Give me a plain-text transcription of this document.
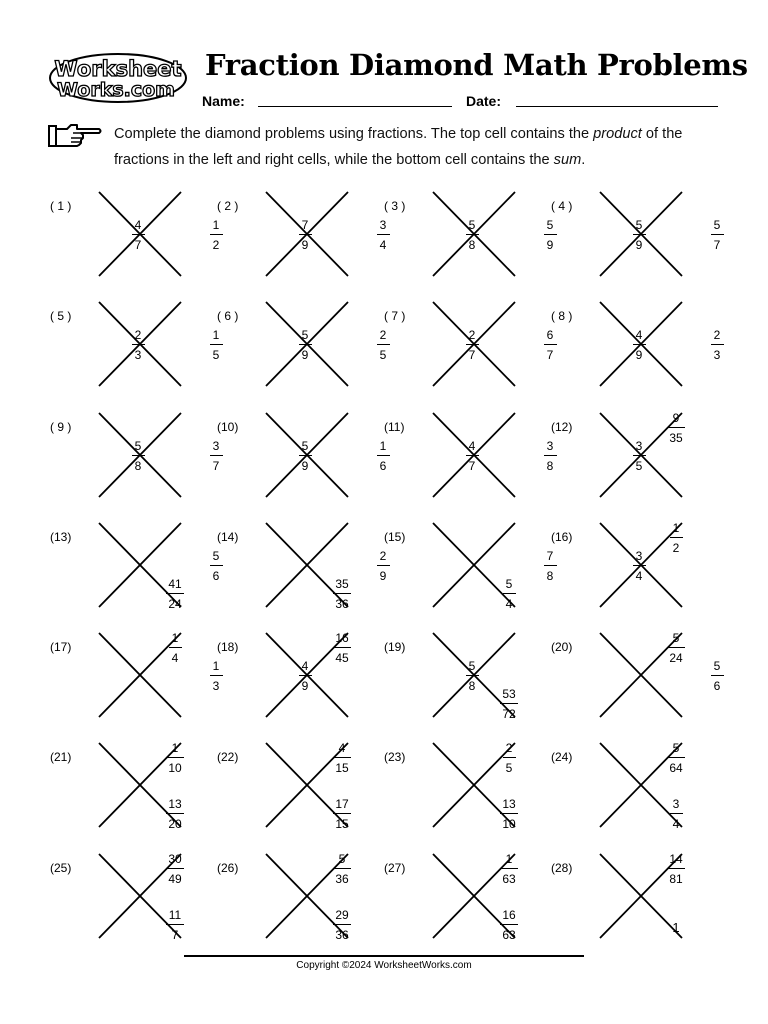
Worksheet
Works.com
Fraction Diamond Math Problems
Name:	Date:
Complete the diamond problems using fractions. The top cell contains the product of the fractions in the left and right cells, while the bottom cell contains the sum.
( 1 )
4
7
1
2
( 2 )
7
9
3
4
( 3 )
5
8
5
9
( 4 )
5
9
5
7
( 5 )
2
3
1
5
( 6 )
5
9
2
5
( 7 )
2
7
6
7
( 8 )
4
9
2
3
( 9 )
5
8
3
7
(10)
5
9
1
6
(11)
4
7
3
8
(12)
9
35
3
5
(13)
5
6
41
24
(14)
2
9
35
36
(15)
7
8
5
4
(16)
1
2
3
4
(17)
1
4
1
3
(18)
16
45
4
9
(19)
5
8
53
72
(20)
5
24
5
6
(21)
1
10
13
20
(22)
4
15
17
15
(23)
2
5
13
10
(24)
5
64
3
4
(25)
30
49
11
7
(26)
5
36
29
36
(27)
1
63
16
63
(28)
14
81
1
Copyright ©2024 WorksheetWorks.com
